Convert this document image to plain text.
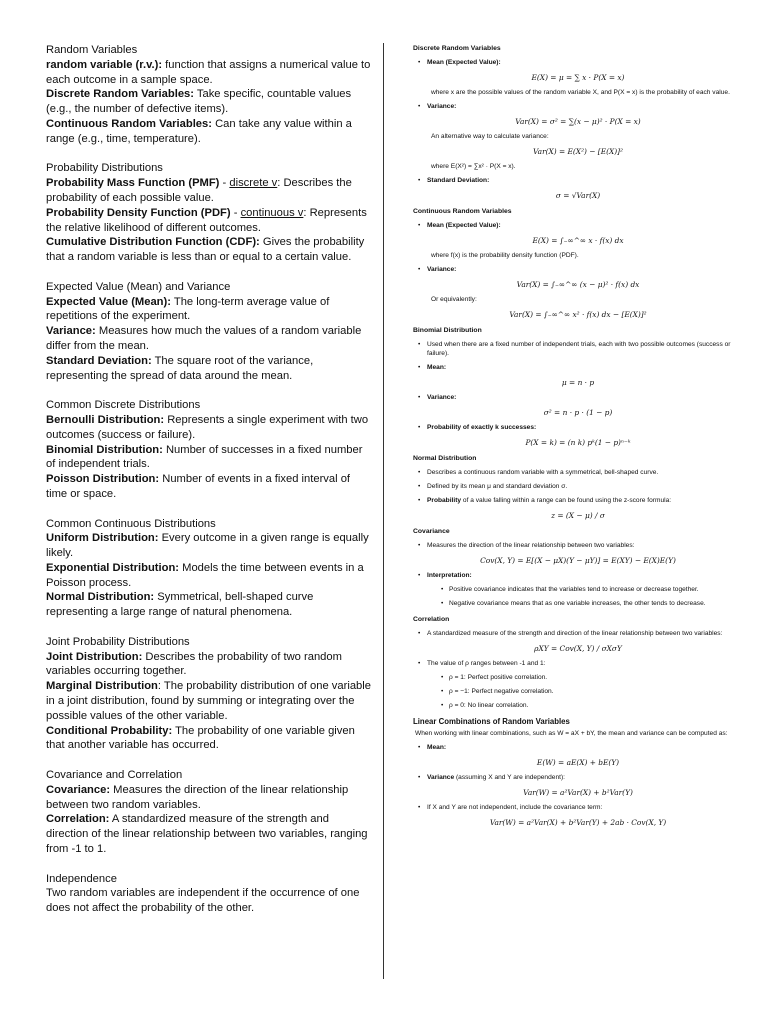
Random Variables

random variable (r.v.): function that assigns a numerical value to each outcome in a sample space.

Discrete Random Variables: Take specific, countable values (e.g., the number of defective items).

Continuous Random Variables: Can take any value within a range (e.g., time, temperature).

Probability Distributions

Probability Mass Function (PMF) - discrete v: Describes the probability of each possible value.

Probability Density Function (PDF) - continuous v: Represents the relative likelihood of different outcomes.

Cumulative Distribution Function (CDF): Gives the probability that a random variable is less than or equal to a certain value.

Expected Value (Mean) and Variance

Expected Value (Mean): The long-term average value of repetitions of the experiment.

Variance: Measures how much the values of a random variable differ from the mean.

Standard Deviation: The square root of the variance, representing the spread of data around the mean.

Common Discrete Distributions

Bernoulli Distribution: Represents a single experiment with two outcomes (success or failure).

Binomial Distribution: Number of successes in a fixed number of independent trials.

Poisson Distribution: Number of events in a fixed interval of time or space.

Common Continuous Distributions

Uniform Distribution: Every outcome in a given range is equally likely.

Exponential Distribution: Models the time between events in a Poisson process.

Normal Distribution: Symmetrical, bell-shaped curve representing a large range of natural phenomena.

Joint Probability Distributions

Joint Distribution: Describes the probability of two random variables occurring together.

Marginal Distribution: The probability distribution of one variable in a joint distribution, found by summing or integrating over the possible values of the other variable.

Conditional Probability: The probability of one variable given that another variable has occurred.

Covariance and Correlation

Covariance: Measures the direction of the linear relationship between two random variables.

Correlation: A standardized measure of the strength and direction of the linear relationship between two variables, ranging from -1 to 1.

Independence

Two random variables are independent if the occurrence of one does not affect the probability of the other.

Discrete Random Variables
• Mean (Expected Value):
E(X) = μ = ∑ x · P(X = x)
where x are the possible values of the random variable X, and P(X = x) is the probability of each value.
• Variance:
Var(X) = σ² = ∑(x − μ)² · P(X = x)
An alternative way to calculate variance:
Var(X) = E(X²) − [E(X)]²
where E(X²) = ∑x² · P(X = x).
• Standard Deviation:
σ = √Var(X)
Continuous Random Variables
• Mean (Expected Value):
E(X) = ∫₋∞^∞ x · f(x) dx
where f(x) is the probability density function (PDF).
• Variance:
Var(X) = ∫₋∞^∞ (x − μ)² · f(x) dx
Or equivalently:
Var(X) = ∫₋∞^∞ x² · f(x) dx − [E(X)]²
Binomial Distribution
• Used when there are a fixed number of independent trials, each with two possible outcomes (success or failure).
• Mean:
μ = n · p
• Variance:
σ² = n · p · (1 − p)
• Probability of exactly k successes:
P(X = k) = (n k) pᵏ(1 − p)ⁿ⁻ᵏ
Normal Distribution
• Describes a continuous random variable with a symmetrical, bell-shaped curve.
• Defined by its mean μ and standard deviation σ.
• Probability of a value falling within a range can be found using the z-score formula:
z = (X − μ) / σ
Covariance
• Measures the direction of the linear relationship between two variables:
Cov(X, Y) = E[(X − μX)(Y − μY)] = E(XY) − E(X)E(Y)
• Interpretation:
• Positive covariance indicates that the variables tend to increase or decrease together.
• Negative covariance means that as one variable increases, the other tends to decrease.
Correlation
• A standardized measure of the strength and direction of the linear relationship between two variables:
ρXY = Cov(X, Y) / σXσY
• The value of ρ ranges between -1 and 1:
• ρ = 1: Perfect positive correlation.
• ρ = −1: Perfect negative correlation.
• ρ = 0: No linear correlation.
Linear Combinations of Random Variables
When working with linear combinations, such as W = aX + bY, the mean and variance can be computed as:
• Mean:
E(W) = aE(X) + bE(Y)
• Variance (assuming X and Y are independent):
Var(W) = a²Var(X) + b²Var(Y)
• If X and Y are not independent, include the covariance term:
Var(W) = a²Var(X) + b²Var(Y) + 2ab · Cov(X, Y)
